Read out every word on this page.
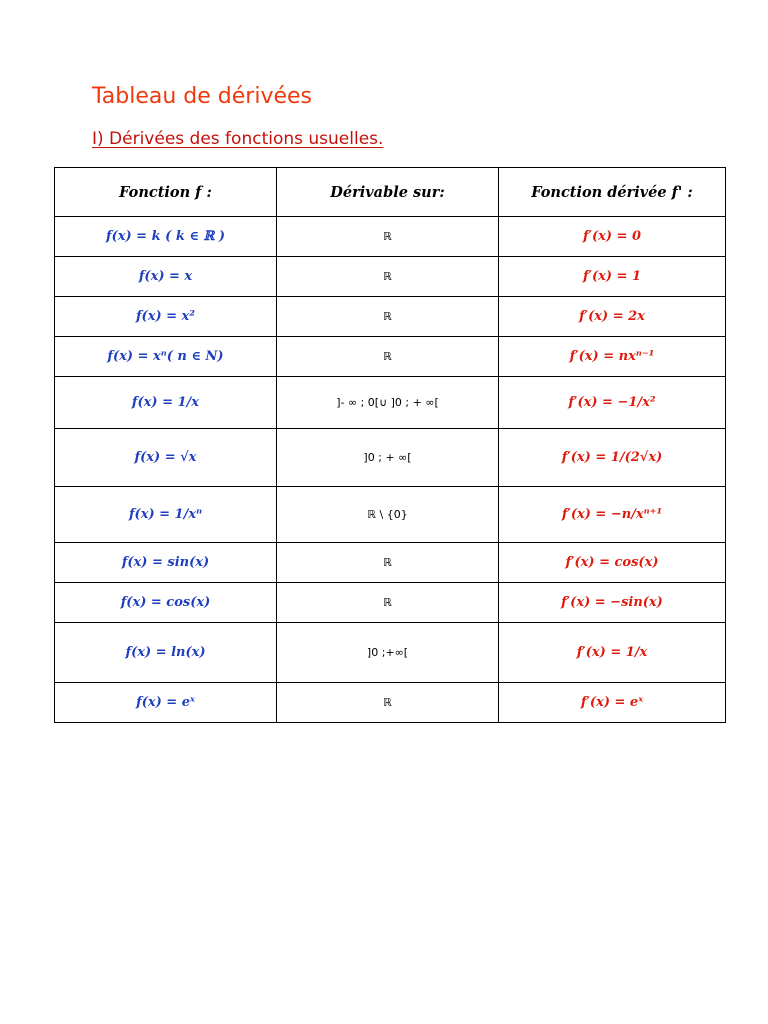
Tableau de dérivées
I) Dérivées des fonctions usuelles.
Fonction f :	Dérivable sur:	Fonction dérivée f' :
f(x) = k ( k ∈ ℝ )	ℝ	f′(x) = 0
f(x) = x	ℝ	f′(x) = 1
f(x) = x²	ℝ	f′(x) = 2x
f(x) = xⁿ( n ∈ N)	ℝ	f′(x) = nxⁿ⁻¹
f(x) = 1/x	]- ∞ ; 0[∪ ]0 ; + ∞[	f′(x) = −1/x²
f(x) = √x	]0 ; + ∞[	f′(x) = 1/(2√x)
f(x) = 1/xⁿ	ℝ \ {0}	f′(x) = −n/xⁿ⁺¹
f(x) = sin(x)	ℝ	f′(x) = cos(x)
f(x) = cos(x)	ℝ	f′(x) = −sin(x)
f(x) = ln(x)	]0 ;+∞[	f′(x) = 1/x
f(x) = eˣ	ℝ	f′(x) = eˣ
